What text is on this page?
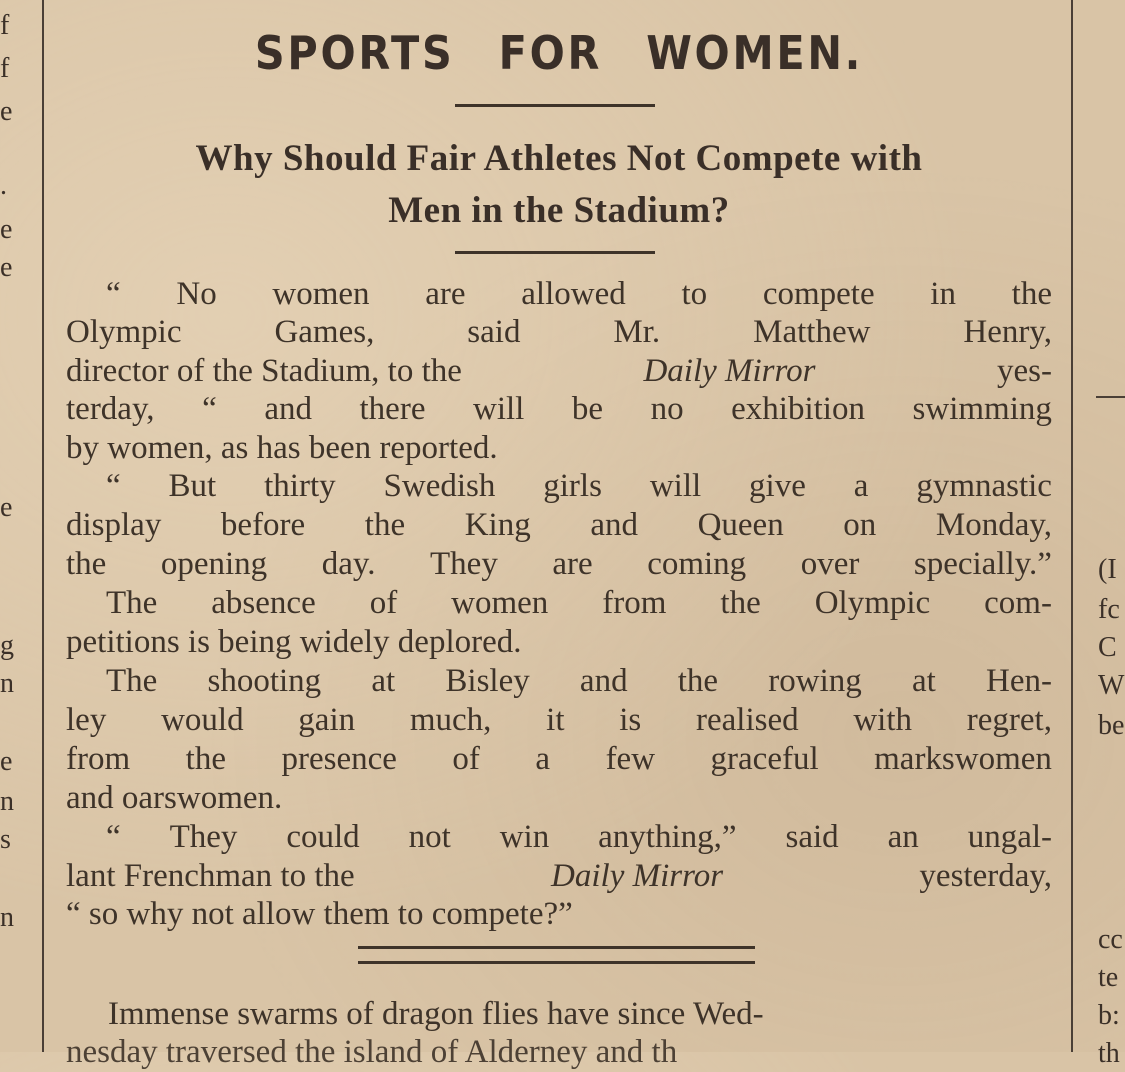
f
f
e
.
e
e
e
g
n
e
n
s
n
(I
fc
C
W
be
cc
te
b:
th
SPORTS FOR WOMEN.
Why Should Fair Athletes Not Compete with
Men in the Stadium?
“ No women are allowed to compete in the
Olympic	Games,	said	Mr.	Matthew	Henry,
director of the Stadium, to the	Daily Mirror	yes-
terday, “ and there will be no exhibition swimming
by women, as has been reported.
“ But thirty Swedish girls will give a gymnastic
display before the King and Queen on Monday,
the opening day. They are coming over specially.”
The absence of women from the Olympic com-
petitions is being widely deplored.
The shooting at Bisley and the rowing at Hen-
ley would gain much, it is realised with regret,
from the presence of a few graceful markswomen
and oarswomen.
“ They could not win anything,” said an ungal-
lant Frenchman to the	Daily Mirror	yesterday,
“ so why not allow them to compete?”
Immense swarms of dragon flies have since Wed-
nesday traversed the island of Alderney and th
